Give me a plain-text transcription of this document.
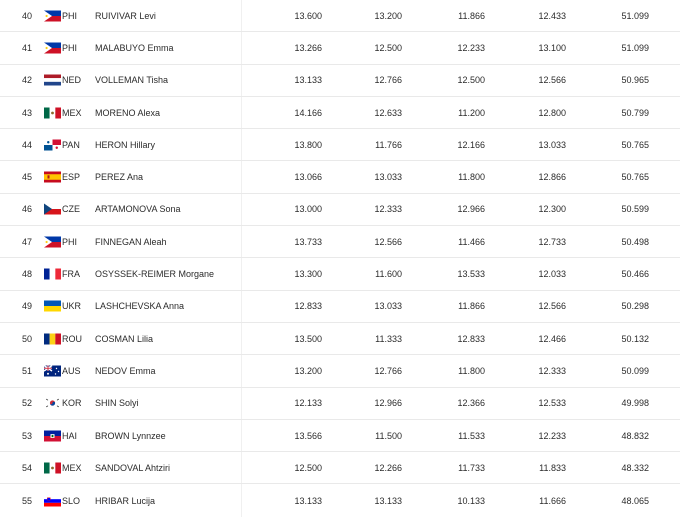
40	PHI RUIVIVAR Levi	13.600	13.200	11.866	12.433	51.099
41	PHI MALABUYO Emma	13.266	12.500	12.233	13.100	51.099
42	NED VOLLEMAN Tisha	13.133	12.766	12.500	12.566	50.965
43	MEX MORENO Alexa	14.166	12.633	11.200	12.800	50.799
44	PAN HERON Hillary	13.800	11.766	12.166	13.033	50.765
45	ESP PEREZ Ana	13.066	13.033	11.800	12.866	50.765
46	CZE ARTAMONOVA Sona	13.000	12.333	12.966	12.300	50.599
47	PHI FINNEGAN Aleah	13.733	12.566	11.466	12.733	50.498
48	FRA OSYSSEK-REIMER Morgane	13.300	11.600	13.533	12.033	50.466
49	UKR LASHCHEVSKA Anna	12.833	13.033	11.866	12.566	50.298
50	ROU COSMAN Lilia	13.500	11.333	12.833	12.466	50.132
51	AUS NEDOV Emma	13.200	12.766	11.800	12.333	50.099
52	KOR SHIN Solyi	12.133	12.966	12.366	12.533	49.998
53	HAI BROWN Lynnzee	13.566	11.500	11.533	12.233	48.832
54	MEX SANDOVAL Ahtziri	12.500	12.266	11.733	11.833	48.332
55	SLO HRIBAR Lucija	13.133	13.133	10.133	11.666	48.065
